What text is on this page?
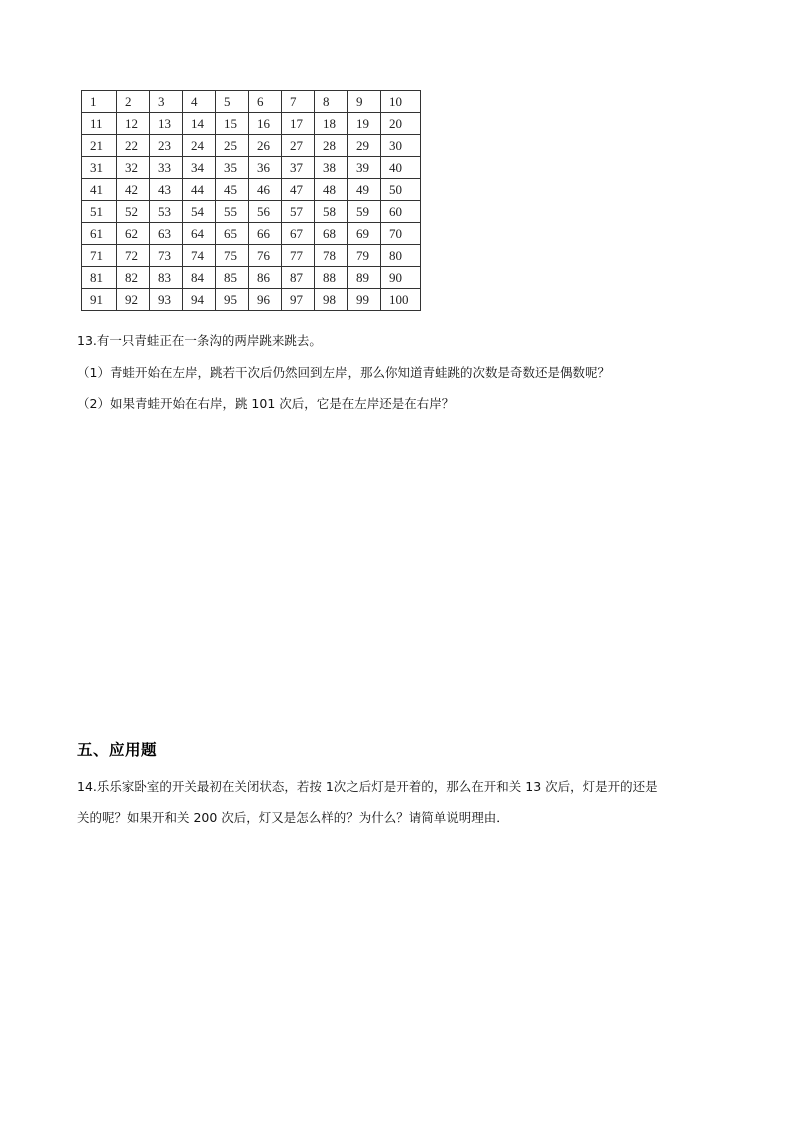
1	2	3	4	5	6	7	8	9	10
11	12	13	14	15	16	17	18	19	20
21	22	23	24	25	26	27	28	29	30
31	32	33	34	35	36	37	38	39	40
41	42	43	44	45	46	47	48	49	50
51	52	53	54	55	56	57	58	59	60
61	62	63	64	65	66	67	68	69	70
71	72	73	74	75	76	77	78	79	80
81	82	83	84	85	86	87	88	89	90
91	92	93	94	95	96	97	98	99	100
13.有一只青蛙正在一条沟的两岸跳来跳去。
（1）青蛙开始在左岸，跳若干次后仍然回到左岸，那么你知道青蛙跳的次数是奇数还是偶数呢？
（2）如果青蛙开始在右岸，跳 101 次后，它是在左岸还是在右岸？
五、应用题
14.乐乐家卧室的开关最初在关闭状态，若按 1次之后灯是开着的，那么在开和关 13 次后，灯是开的还是
关的呢？如果开和关 200 次后，灯又是怎么样的？为什么？请简单说明理由．
